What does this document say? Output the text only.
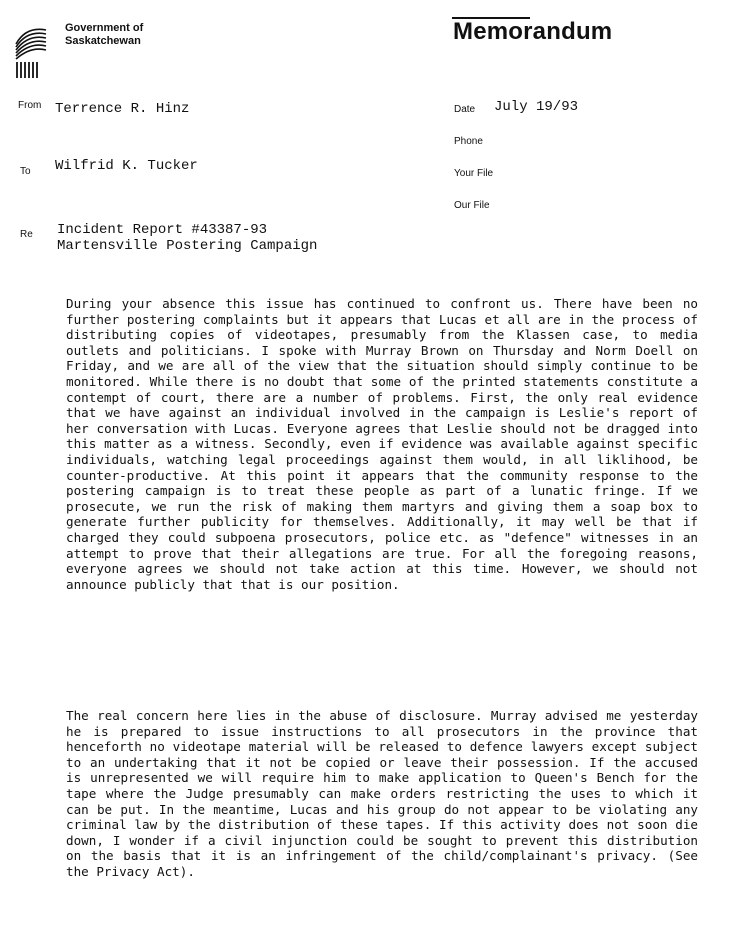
Government of
Saskatchewan	Memorandum
From Terrence R. Hinz
To Wilfrid K. Tucker
Re Incident Report #43387-93
Martensville Postering Campaign
Date July 19/93
Phone
Your File
Our File

During your absence this issue has continued to confront us. There have been no further postering complaints but it appears that Lucas et all are in the process of distributing copies of videotapes, presumably from the Klassen case, to media outlets and politicians. I spoke with Murray Brown on Thursday and Norm Doell on Friday, and we are all of the view that the situation should simply continue to be monitored. While there is no doubt that some of the printed statements constitute a contempt of court, there are a number of problems. First, the only real evidence that we have against an individual involved in the campaign is Leslie's report of her conversation with Lucas. Everyone agrees that Leslie should not be dragged into this matter as a witness. Secondly, even if evidence was available against specific individuals, watching legal proceedings against them would, in all liklihood, be counter-productive. At this point it appears that the community response to the postering campaign is to treat these people as part of a lunatic fringe. If we prosecute, we run the risk of making them martyrs and giving them a soap box to generate further publicity for themselves. Additionally, it may well be that if charged they could subpoena prosecutors, police etc. as "defence" witnesses in an attempt to prove that their allegations are true. For all the foregoing reasons, everyone agrees we should not take action at this time. However, we should not announce publicly that that is our position.

The real concern here lies in the abuse of disclosure. Murray advised me yesterday he is prepared to issue instructions to all prosecutors in the province that henceforth no videotape material will be released to defence lawyers except subject to an undertaking that it not be copied or leave their possession. If the accused is unrepresented we will require him to make application to Queen's Bench for the tape where the Judge presumably can make orders restricting the uses to which it can be put. In the meantime, Lucas and his group do not appear to be violating any criminal law by the distribution of these tapes. If this activity does not soon die down, I wonder if a civil injunction could be sought to prevent this distribution on the basis that it is an infringement of the child/complainant's privacy. (See the Privacy Act).
